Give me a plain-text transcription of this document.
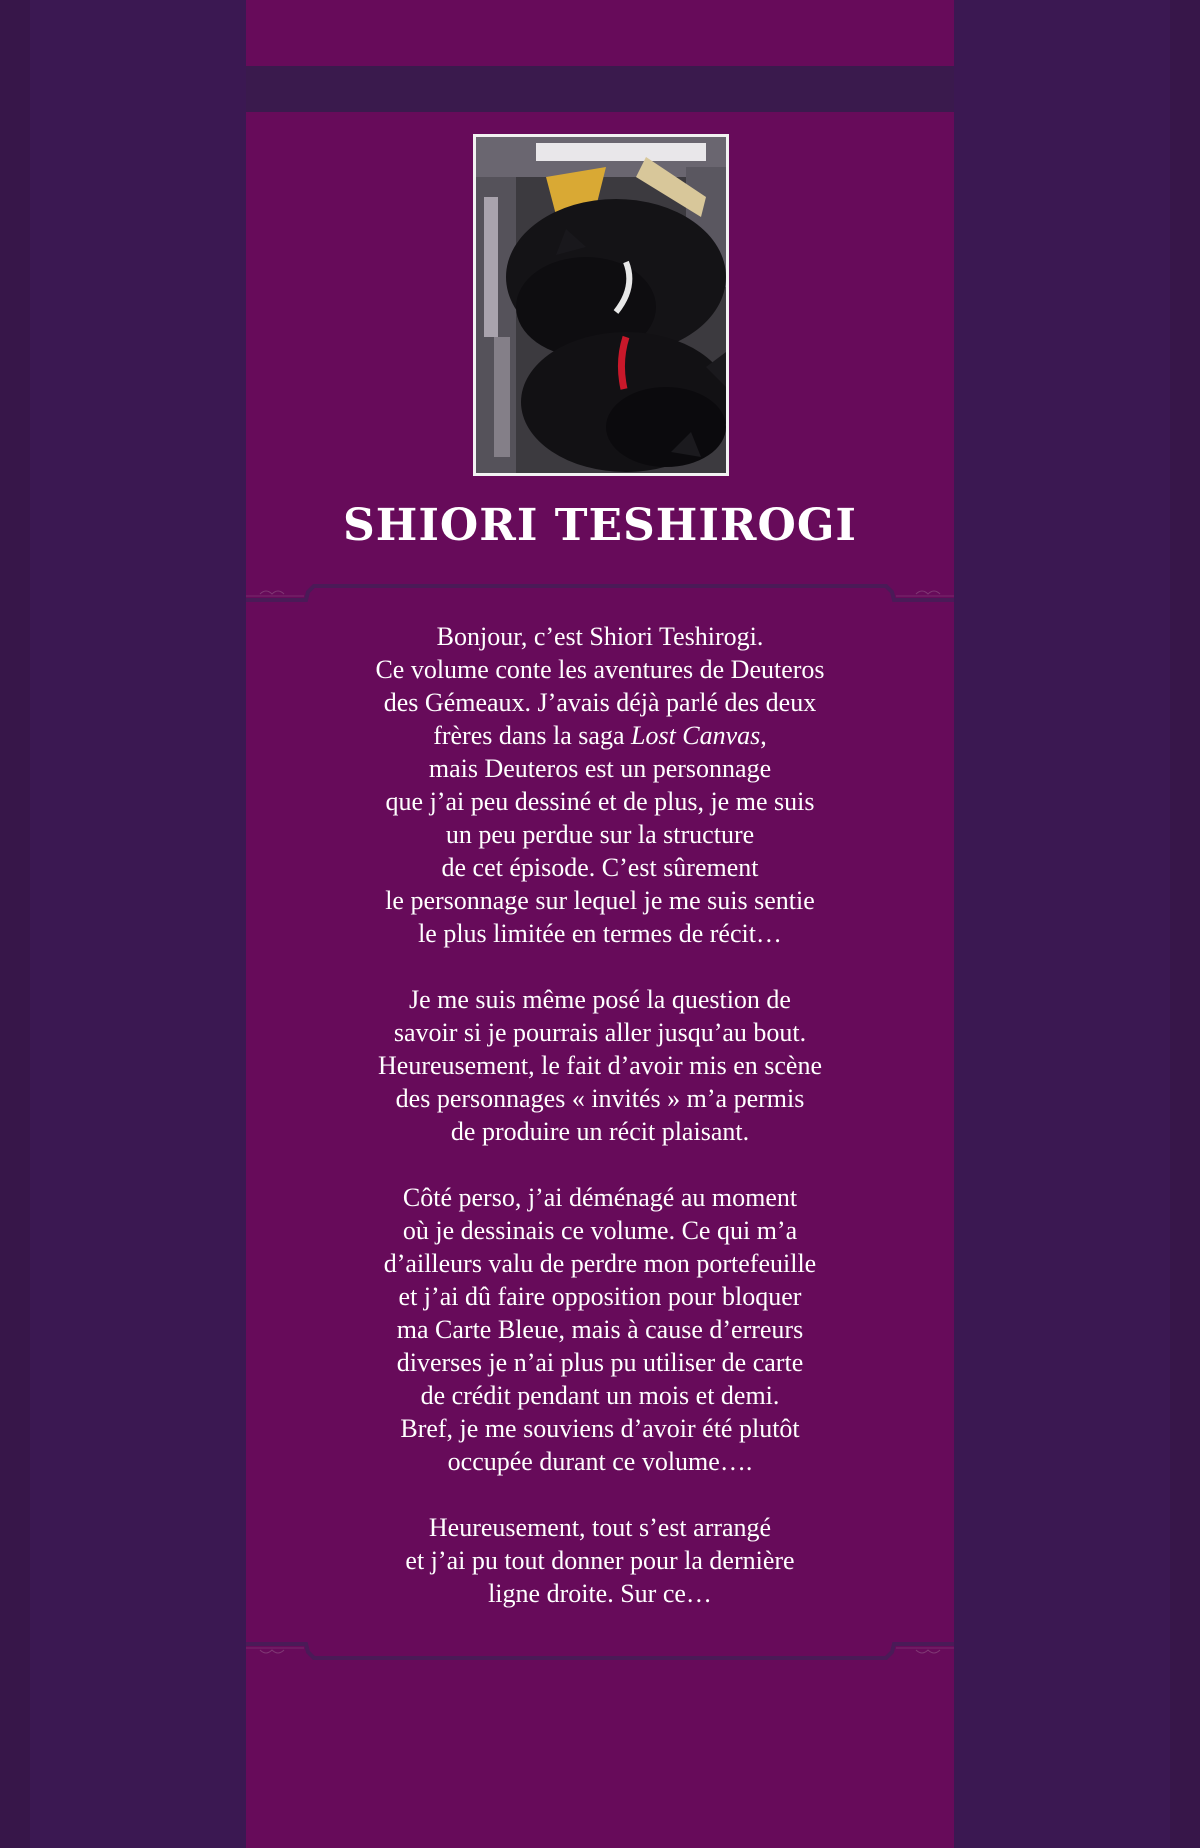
SHIORI TESHIROGI

Bonjour, c’est Shiori Teshirogi.
Ce volume conte les aventures de Deuteros
des Gémeaux. J’avais déjà parlé des deux
frères dans la saga Lost Canvas,
mais Deuteros est un personnage
que j’ai peu dessiné et de plus, je me suis
un peu perdue sur la structure
de cet épisode. C’est sûrement
le personnage sur lequel je me suis sentie
le plus limitée en termes de récit…

Je me suis même posé la question de
savoir si je pourrais aller jusqu’au bout.
Heureusement, le fait d’avoir mis en scène
des personnages « invités » m’a permis
de produire un récit plaisant.

Côté perso, j’ai déménagé au moment
où je dessinais ce volume. Ce qui m’a
d’ailleurs valu de perdre mon portefeuille
et j’ai dû faire opposition pour bloquer
ma Carte Bleue, mais à cause d’erreurs
diverses je n’ai plus pu utiliser de carte
de crédit pendant un mois et demi.
Bref, je me souviens d’avoir été plutôt
occupée durant ce volume….

Heureusement, tout s’est arrangé
et j’ai pu tout donner pour la dernière
ligne droite. Sur ce…
